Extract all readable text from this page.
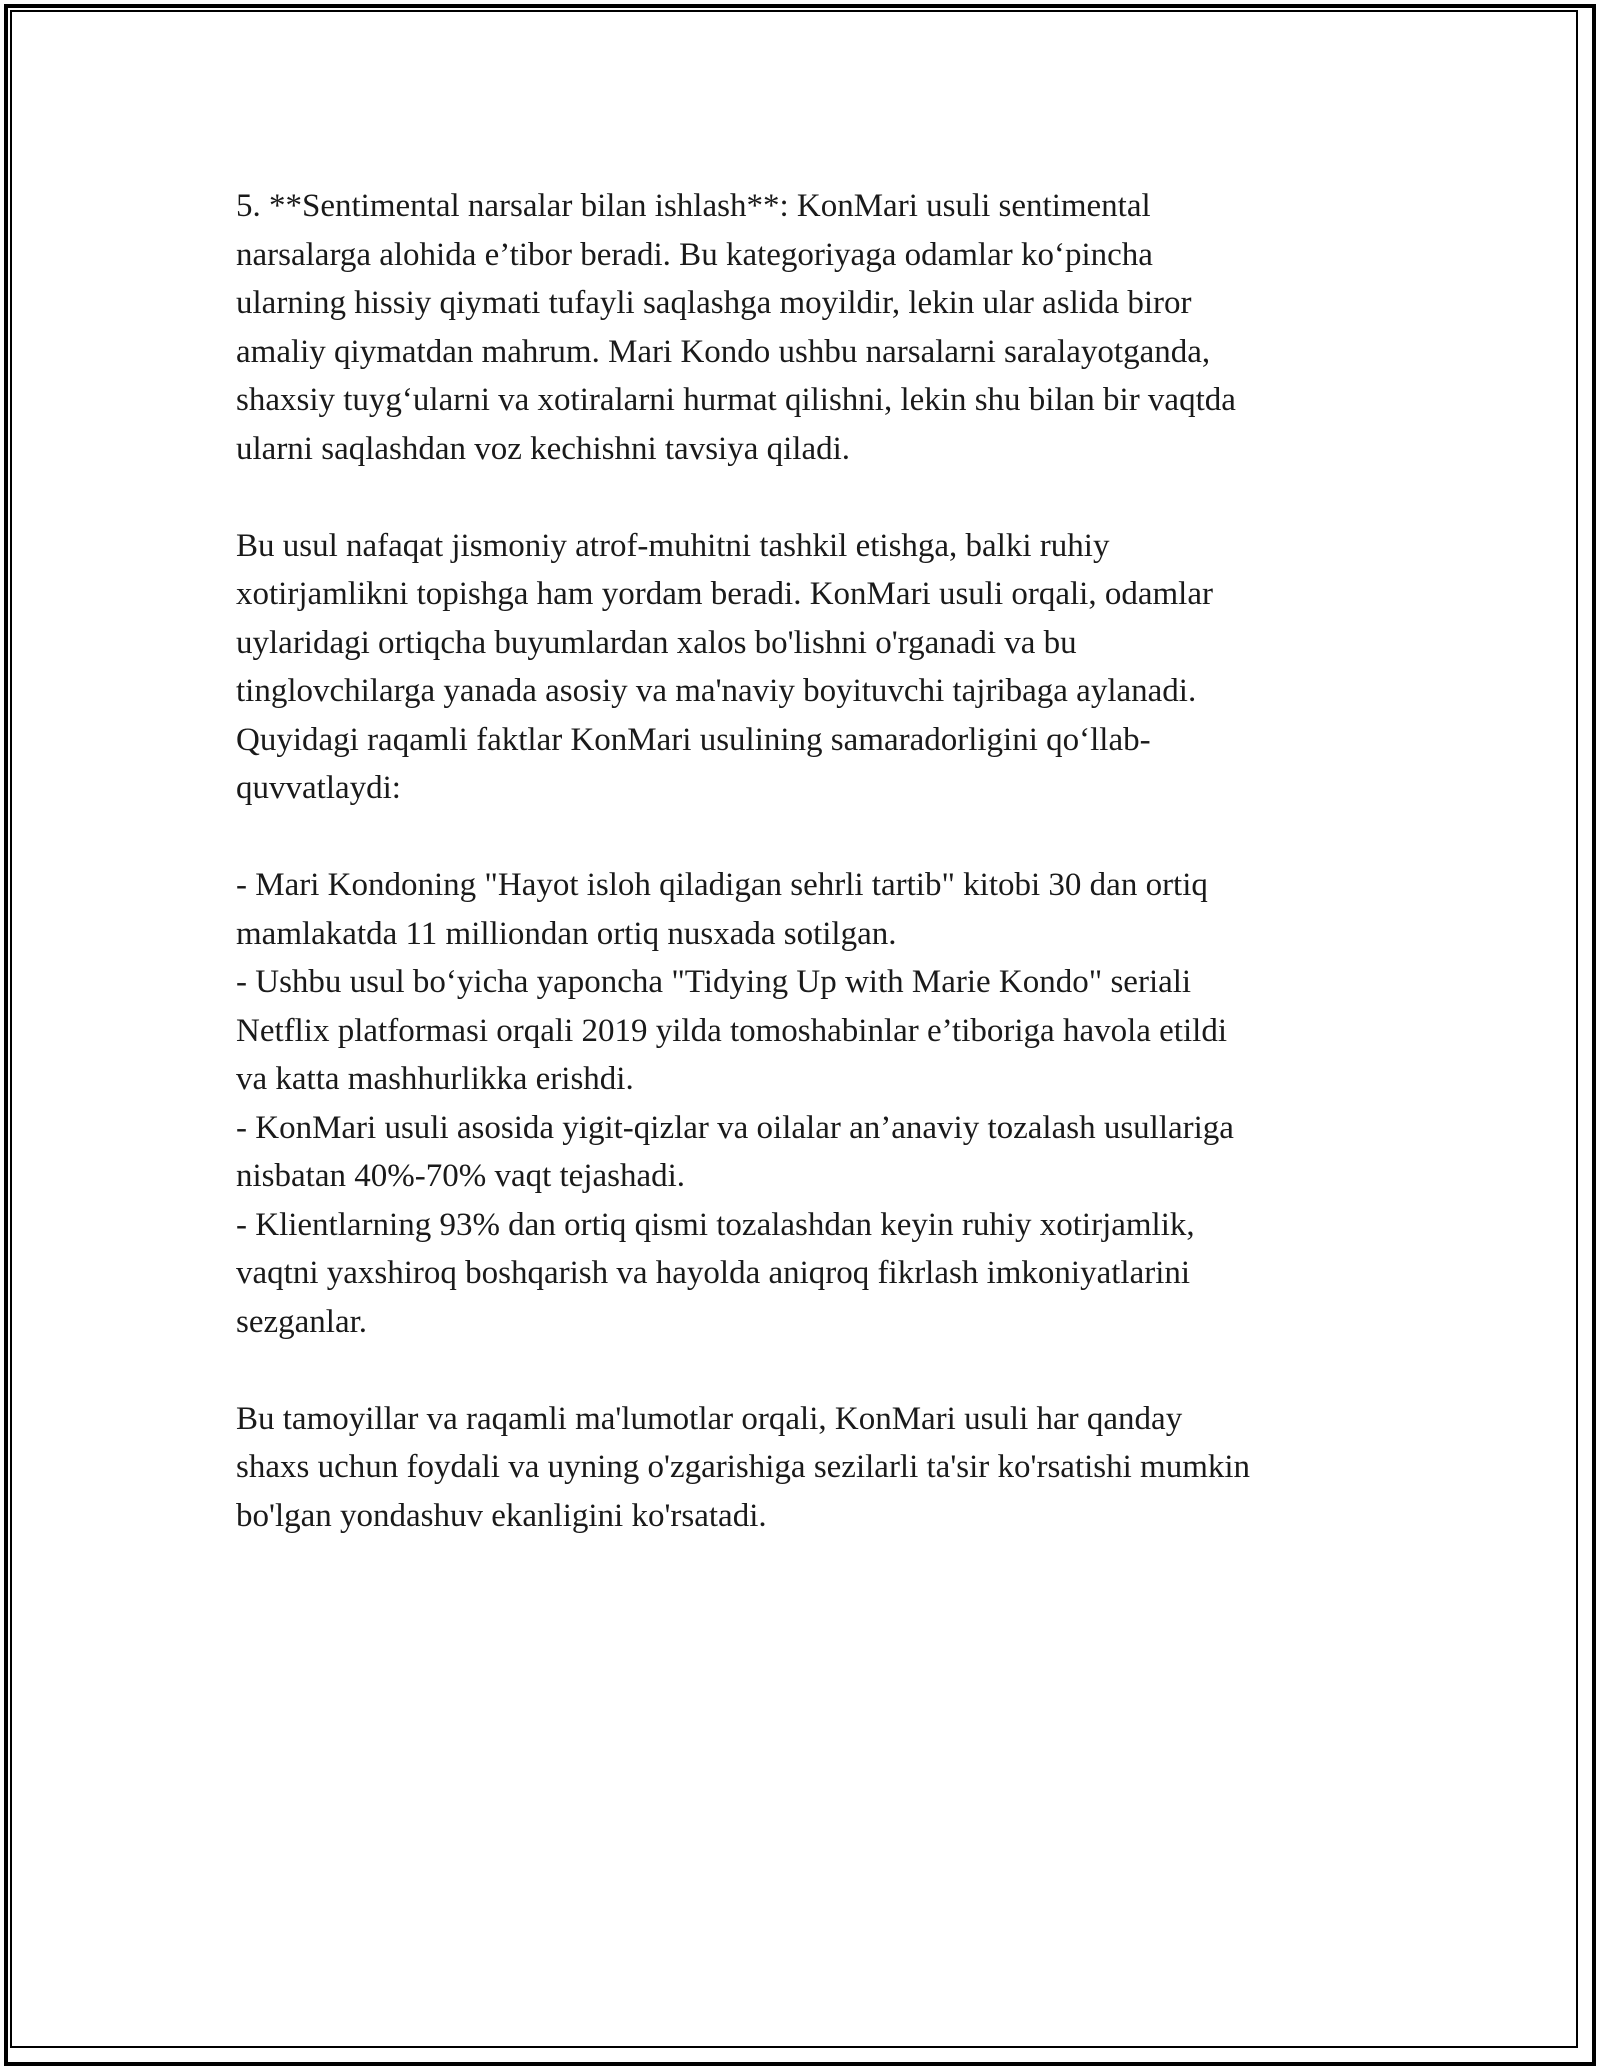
5. **Sentimental narsalar bilan ishlash**: KonMari usuli sentimental
narsalarga alohida e’tibor beradi. Bu kategoriyaga odamlar ko‘pincha
ularning hissiy qiymati tufayli saqlashga moyildir, lekin ular aslida biror
amaliy qiymatdan mahrum. Mari Kondo ushbu narsalarni saralayotganda,
shaxsiy tuyg‘ularni va xotiralarni hurmat qilishni, lekin shu bilan bir vaqtda
ularni saqlashdan voz kechishni tavsiya qiladi.

Bu usul nafaqat jismoniy atrof-muhitni tashkil etishga, balki ruhiy
xotirjamlikni topishga ham yordam beradi. KonMari usuli orqali, odamlar
uylaridagi ortiqcha buyumlardan xalos bo'lishni o'rganadi va bu
tinglovchilarga yanada asosiy va ma'naviy boyituvchi tajribaga aylanadi.
Quyidagi raqamli faktlar KonMari usulining samaradorligini qo‘llab-
quvvatlaydi:

- Mari Kondoning "Hayot isloh qiladigan sehrli tartib" kitobi 30 dan ortiq
mamlakatda 11 milliondan ortiq nusxada sotilgan.
- Ushbu usul bo‘yicha yaponcha "Tidying Up with Marie Kondo" seriali
Netflix platformasi orqali 2019 yilda tomoshabinlar e’tiboriga havola etildi
va katta mashhurlikka erishdi.
- KonMari usuli asosida yigit-qizlar va oilalar an’anaviy tozalash usullariga
nisbatan 40%-70% vaqt tejashadi.
- Klientlarning 93% dan ortiq qismi tozalashdan keyin ruhiy xotirjamlik,
vaqtni yaxshiroq boshqarish va hayolda aniqroq fikrlash imkoniyatlarini
sezganlar.

Bu tamoyillar va raqamli ma'lumotlar orqali, KonMari usuli har qanday
shaxs uchun foydali va uyning o'zgarishiga sezilarli ta'sir ko'rsatishi mumkin
bo'lgan yondashuv ekanligini ko'rsatadi.
